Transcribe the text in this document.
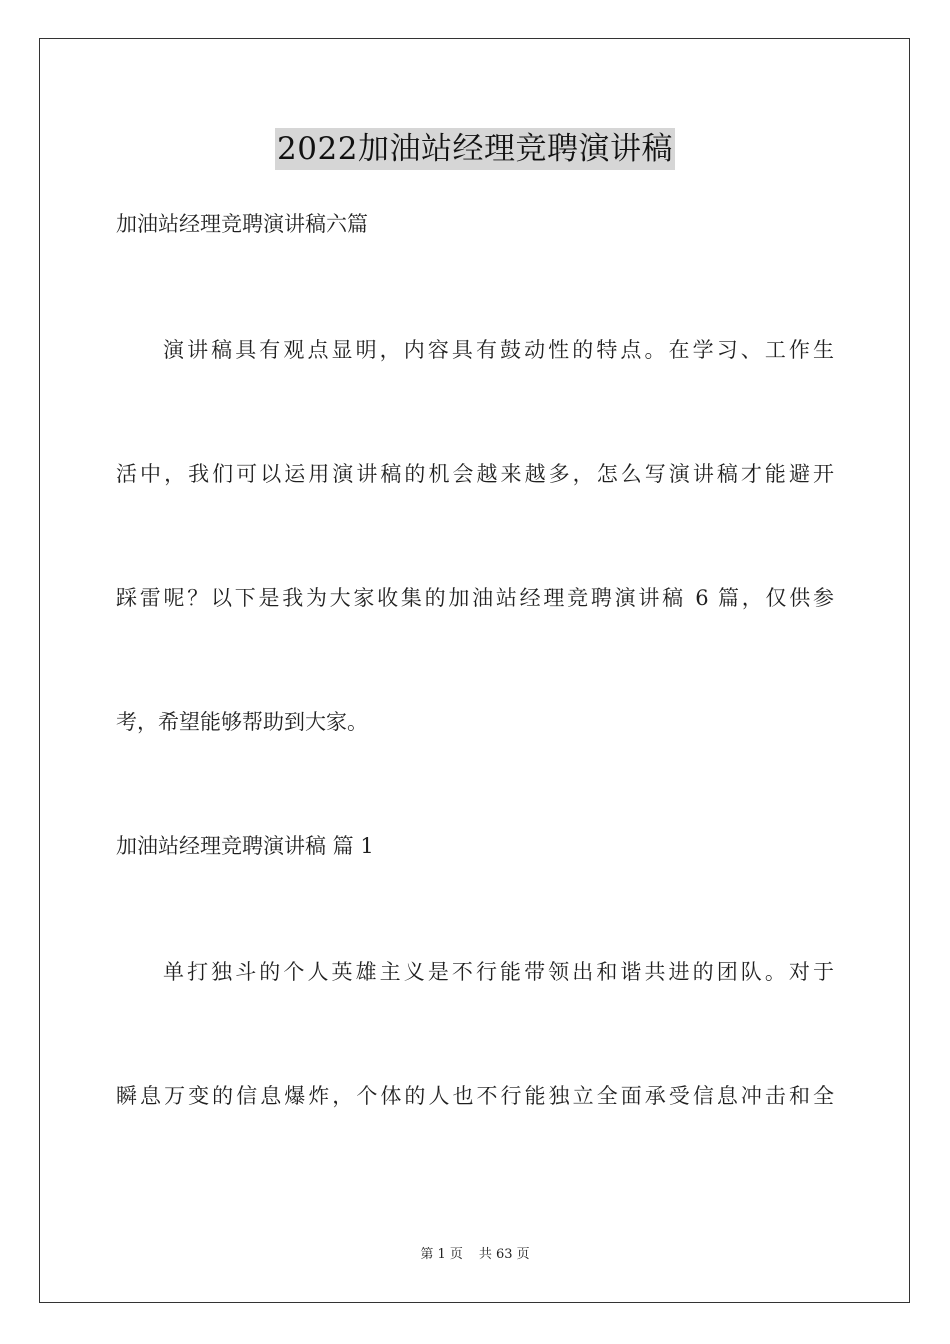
2022加油站经理竞聘演讲稿
加油站经理竞聘演讲稿六篇
演讲稿具有观点显明，内容具有鼓动性的特点。在学习、工作生
活中，我们可以运用演讲稿的机会越来越多，怎么写演讲稿才能避开
踩雷呢？以下是我为大家收集的加油站经理竞聘演讲稿 6 篇，仅供参
考，希望能够帮助到大家。
加油站经理竞聘演讲稿 篇 1
单打独斗的个人英雄主义是不行能带领出和谐共进的团队。对于
瞬息万变的信息爆炸，个体的人也不行能独立全面承受信息冲击和全
第 1 页 共 63 页
